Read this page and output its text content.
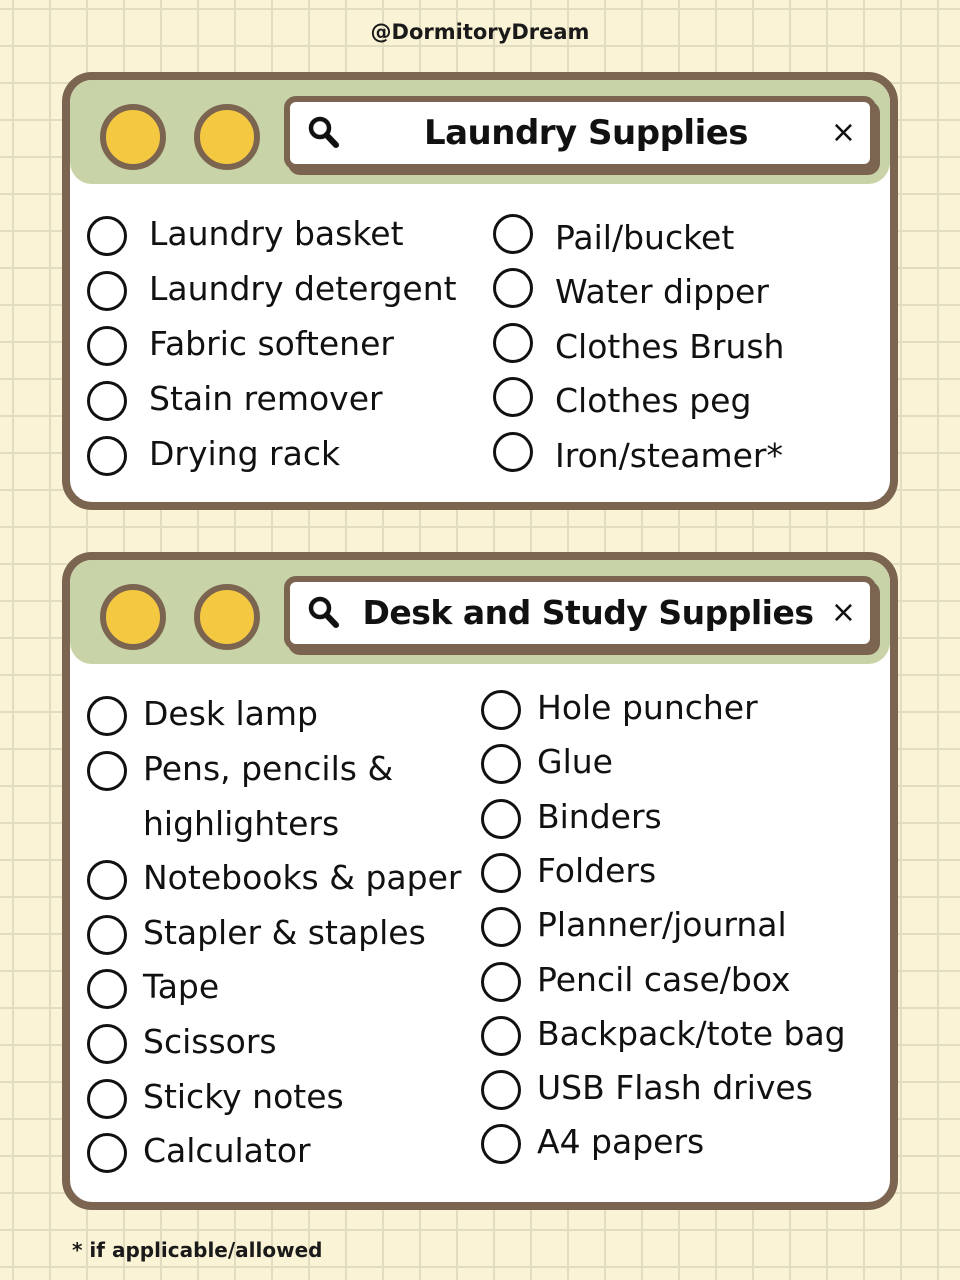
@DormitoryDream
Laundry Supplies	×
Laundry basket
Laundry detergent
Fabric softener
Stain remover
Drying rack
Pail/bucket
Water dipper
Clothes Brush
Clothes peg
Iron/steamer*
Desk and Study Supplies ×
Desk lamp
Pens, pencils & highlighters
Notebooks & paper
Stapler & staples
Tape
Scissors
Sticky notes
Calculator
Hole puncher
Glue
Binders
Folders
Planner/journal
Pencil case/box
Backpack/tote bag
USB Flash drives
A4 papers
* if applicable/allowed
